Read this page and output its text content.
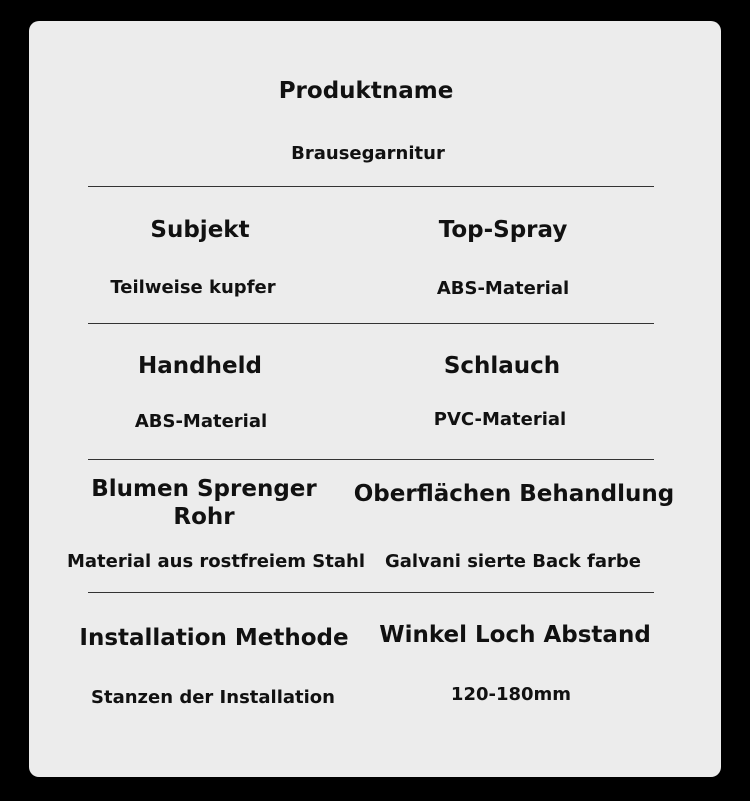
Produktname
Brausegarnitur
Subjekt
Teilweise kupfer
Top-Spray
ABS-Material
Handheld
ABS-Material
Schlauch
PVC-Material
Blumen Sprenger
Rohr
Material aus rostfreiem Stahl
Oberflächen Behandlung
Galvani sierte Back farbe
Installation Methode
Stanzen der Installation
Winkel Loch Abstand
120-180mm
